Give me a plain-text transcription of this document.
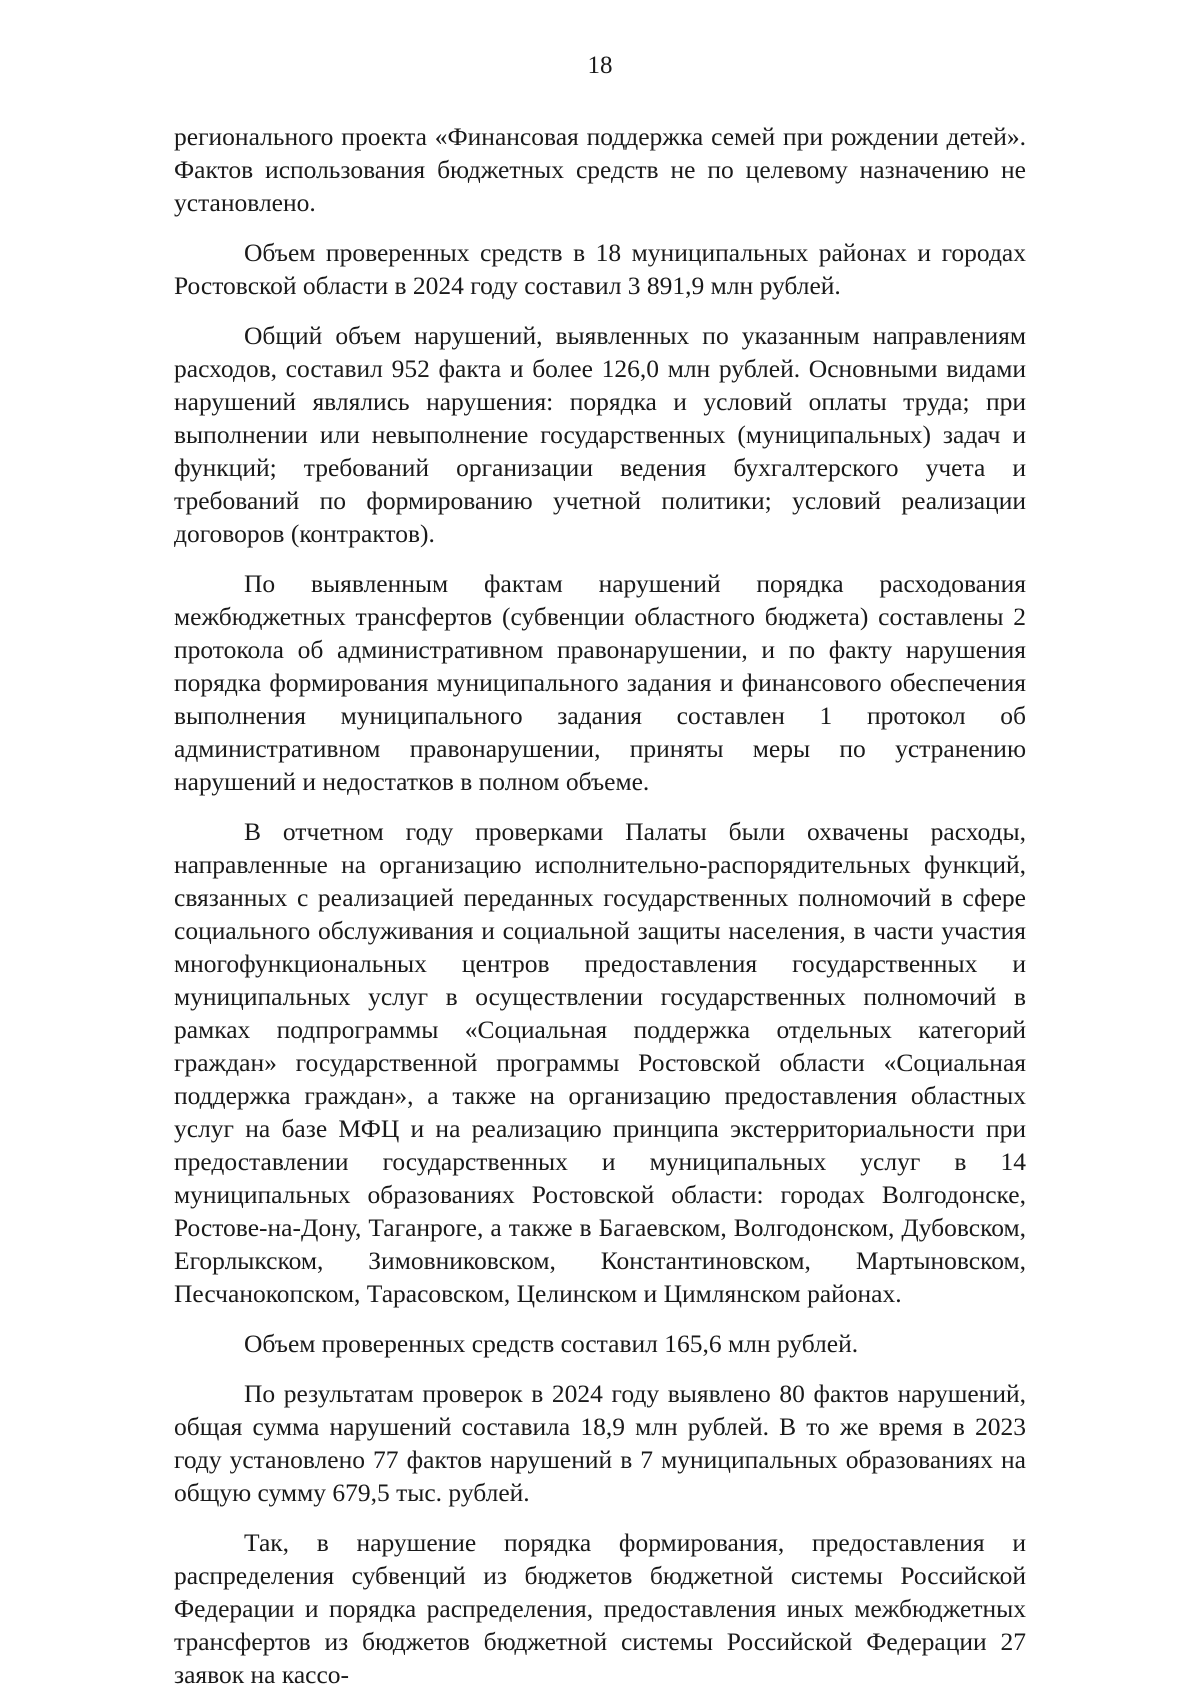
18

регионального проекта «Финансовая поддержка семей при рождении детей». Фактов использования бюджетных средств не по целевому назначению не установлено.

Объем проверенных средств в 18 муниципальных районах и городах Ростовской области в 2024 году составил 3 891,9 млн рублей.

Общий объем нарушений, выявленных по указанным направлениям расходов, составил 952 факта и более 126,0 млн рублей. Основными видами нарушений являлись нарушения: порядка и условий оплаты труда; при выполнении или невыполнение государственных (муниципальных) задач и функций; требований организации ведения бухгалтерского учета и требований по формированию учетной политики; условий реализации договоров (контрактов).

По выявленным фактам нарушений порядка расходования межбюджетных трансфертов (субвенции областного бюджета) составлены 2 протокола об административном правонарушении, и по факту нарушения порядка формирования муниципального задания и финансового обеспечения выполнения муниципального задания составлен 1 протокол об административном правонарушении, приняты меры по устранению нарушений и недостатков в полном объеме.

В отчетном году проверками Палаты были охвачены расходы, направленные на организацию исполнительно-распорядительных функций, связанных с реализацией переданных государственных полномочий в сфере социального обслуживания и социальной защиты населения, в части участия многофункциональных центров предоставления государственных и муниципальных услуг в осуществлении государственных полномочий в рамках подпрограммы «Социальная поддержка отдельных категорий граждан» государственной программы Ростовской области «Социальная поддержка граждан», а также на организацию предоставления областных услуг на базе МФЦ и на реализацию принципа экстерриториальности при предоставлении государственных и муниципальных услуг в 14 муниципальных образованиях Ростовской области: городах Волгодонске, Ростове-на-Дону, Таганроге, а также в Багаевском, Волгодонском, Дубовском, Егорлыкском, Зимовниковском, Константиновском, Мартыновском, Песчанокопском, Тарасовском, Целинском и Цимлянском районах.

Объем проверенных средств составил 165,6 млн рублей.

По результатам проверок в 2024 году выявлено 80 фактов нарушений, общая сумма нарушений составила 18,9 млн рублей. В то же время в 2023 году установлено 77 фактов нарушений в 7 муниципальных образованиях на общую сумму 679,5 тыс. рублей.

Так, в нарушение порядка формирования, предоставления и распределения субвенций из бюджетов бюджетной системы Российской Федерации и порядка распределения, предоставления иных межбюджетных трансфертов из бюджетов бюджетной системы Российской Федерации 27 заявок на кассо-
